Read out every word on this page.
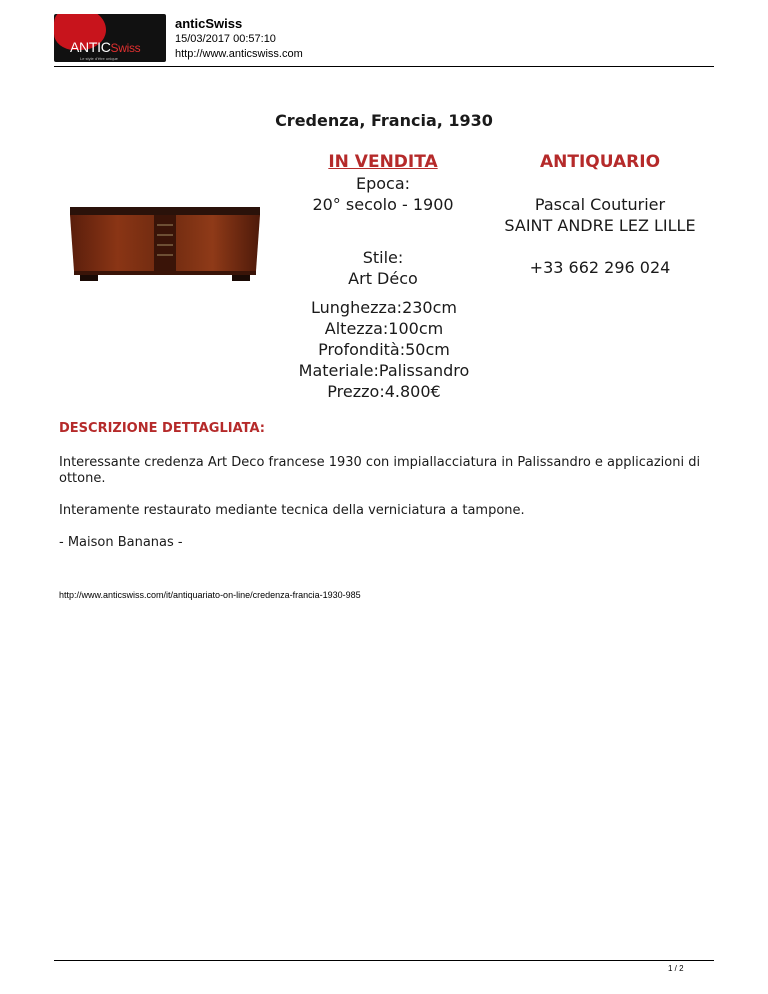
ANTICSwiss
Le style d'être unique
anticSwiss
15/03/2017 00:57:10
http://www.anticswiss.com
Credenza, Francia, 1930
IN VENDITA
Epoca:
20° secolo - 1900
Stile:
Art Déco
ANTIQUARIO
Pascal Couturier
SAINT ANDRE LEZ LILLE
+33 662 296 024
Lunghezza:230cm
Altezza:100cm
Profondità:50cm
Materiale:Palissandro
Prezzo:4.800€
DESCRIZIONE DETTAGLIATA:

Interessante credenza Art Deco francese 1930 con impiallacciatura in Palissandro e applicazioni di ottone.

Interamente restaurato mediante tecnica della verniciatura a tampone.

- Maison Bananas -

http://www.anticswiss.com/it/antiquariato-on-line/credenza-francia-1930-985
1 / 2
